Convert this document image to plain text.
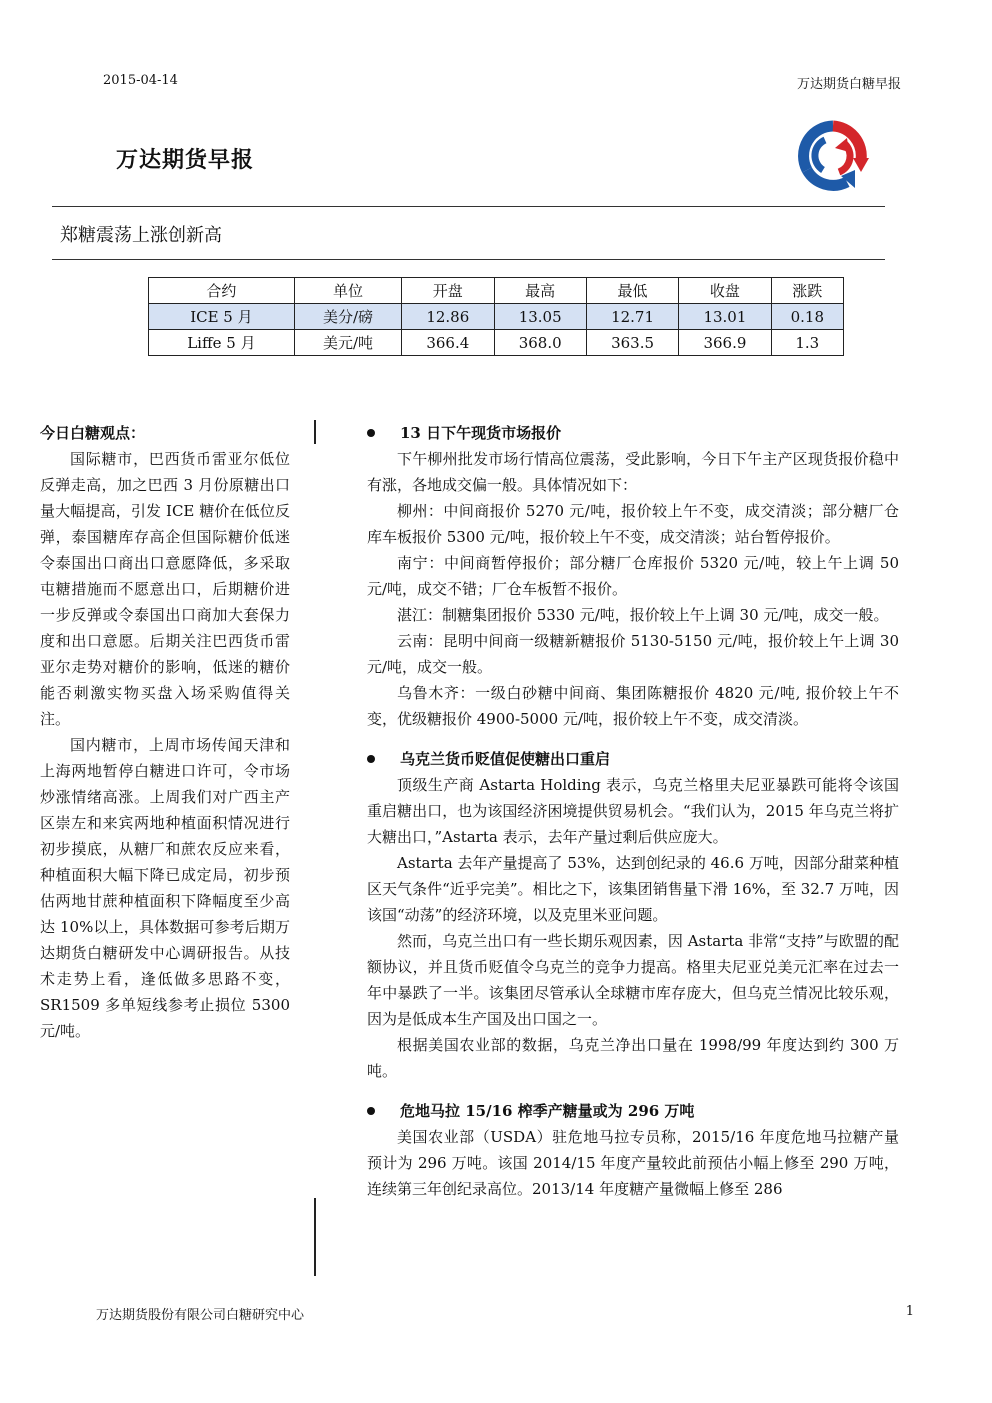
2015-04-14	万达期货白糖早报
万达期货早报
郑糖震荡上涨创新高
合约	单位	开盘	最高	最低	收盘	涨跌
ICE 5 月	美分/磅	12.86	13.05	12.71	13.01	0.18
Liffe 5 月	美元/吨	366.4	368.0	363.5	366.9	1.3
今日白糖观点：

国际糖市，巴西货币雷亚尔低位反弹走高，加之巴西 3 月份原糖出口量大幅提高，引发 ICE 糖价在低位反弹，泰国糖库存高企但国际糖价低迷令泰国出口商出口意愿降低，多采取屯糖措施而不愿意出口，后期糖价进一步反弹或令泰国出口商加大套保力度和出口意愿。后期关注巴西货币雷亚尔走势对糖价的影响，低迷的糖价能否刺激实物买盘入场采购值得关注。

国内糖市，上周市场传闻天津和上海两地暂停白糖进口许可，令市场炒涨情绪高涨。上周我们对广西主产区崇左和来宾两地种植面积情况进行初步摸底，从糖厂和蔗农反应来看，种植面积大幅下降已成定局，初步预估两地甘蔗种植面积下降幅度至少高达 10%以上，具体数据可参考后期万达期货白糖研发中心调研报告。从技术走势上看，逢低做多思路不变，SR1509 多单短线参考止损位 5300 元/吨。

13 日下午现货市场报价

下午柳州批发市场行情高位震荡，受此影响，今日下午主产区现货报价稳中有涨，各地成交偏一般。具体情况如下：

柳州：中间商报价 5270 元/吨，报价较上午不变，成交清淡；部分糖厂仓库车板报价 5300 元/吨，报价较上午不变，成交清淡；站台暂停报价。

南宁：中间商暂停报价；部分糖厂仓库报价 5320 元/吨，较上午上调 50 元/吨，成交不错；厂仓车板暂不报价。

湛江：制糖集团报价 5330 元/吨，报价较上午上调 30 元/吨，成交一般。

云南：昆明中间商一级糖新糖报价 5130-5150 元/吨，报价较上午上调 30 元/吨，成交一般。

乌鲁木齐：一级白砂糖中间商、集团陈糖报价 4820 元/吨, 报价较上午不变，优级糖报价 4900-5000 元/吨，报价较上午不变，成交清淡。

乌克兰货币贬值促使糖出口重启

顶级生产商 Astarta Holding 表示，乌克兰格里夫尼亚暴跌可能将令该国重启糖出口，也为该国经济困境提供贸易机会。“我们认为，2015 年乌克兰将扩大糖出口，”Astarta 表示，去年产量过剩后供应庞大。

Astarta 去年产量提高了 53%，达到创纪录的 46.6 万吨，因部分甜菜种植区天气条件“近乎完美”。相比之下，该集团销售量下滑 16%，至 32.7 万吨，因该国“动荡”的经济环境，以及克里米亚问题。

然而，乌克兰出口有一些长期乐观因素，因 Astarta 非常“支持”与欧盟的配额协议，并且货币贬值令乌克兰的竞争力提高。格里夫尼亚兑美元汇率在过去一年中暴跌了一半。该集团尽管承认全球糖市库存庞大，但乌克兰情况比较乐观，因为是低成本生产国及出口国之一。

根据美国农业部的数据，乌克兰净出口量在 1998/99 年度达到约 300 万吨。

危地马拉 15/16 榨季产糖量或为 296 万吨

美国农业部（USDA）驻危地马拉专员称，2015/16 年度危地马拉糖产量预计为 296 万吨。该国 2014/15 年度产量较此前预估小幅上修至 290 万吨，连续第三年创纪录高位。2013/14 年度糖产量微幅上修至 286

万达期货股份有限公司白糖研究中心	1
